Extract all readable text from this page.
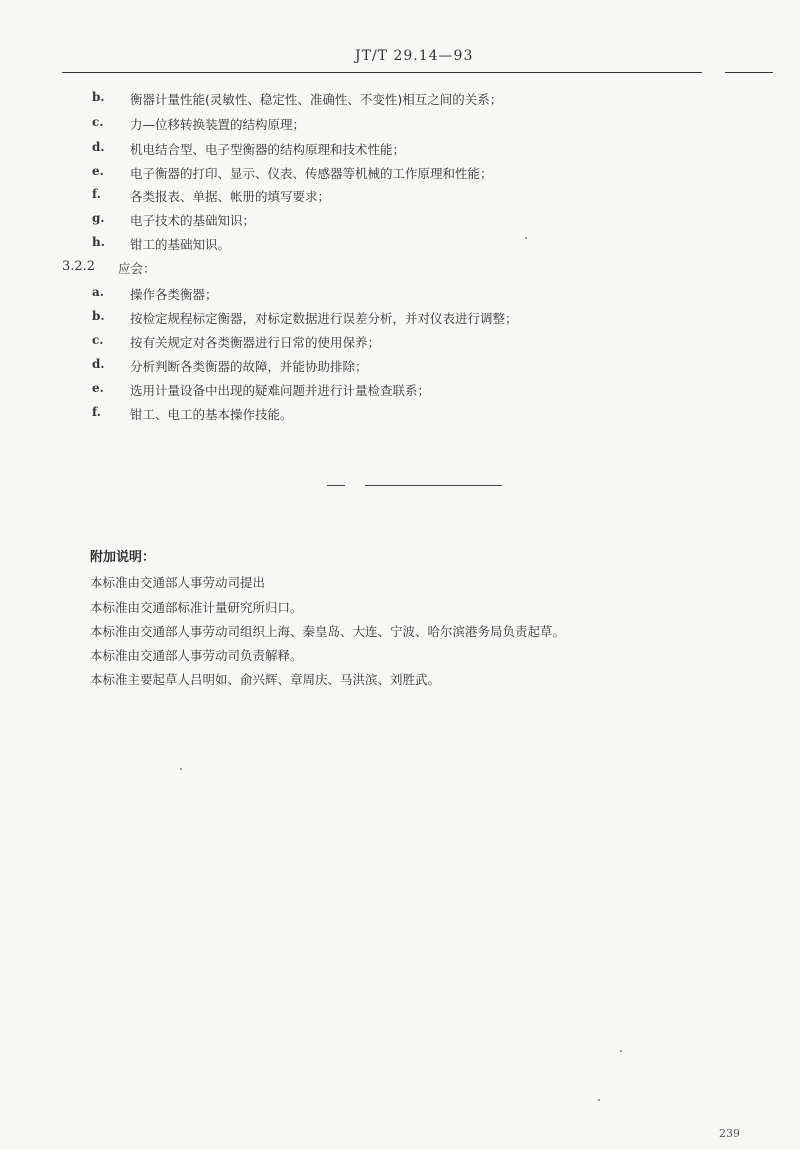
JT/T 29.14—93
b. 衡器计量性能(灵敏性、稳定性、准确性、不变性)相互之间的关系；
c. 力—位移转换装置的结构原理；
d. 机电结合型、电子型衡器的结构原理和技术性能；
e. 电子衡器的打印、显示、仪表、传感器等机械的工作原理和性能；
f. 各类报表、单据、帐册的填写要求；
g. 电子技术的基础知识；
h. 钳工的基础知识。
3.2.2 应会：
a. 操作各类衡器；
b. 按检定规程标定衡器，对标定数据进行误差分析，并对仪表进行调整；
c. 按有关规定对各类衡器进行日常的使用保养；
d. 分析判断各类衡器的故障，并能协助排除；
e. 选用计量设备中出现的疑难问题并进行计量检查联系；
f. 钳工、电工的基本操作技能。
附加说明：
本标准由交通部人事劳动司提出
本标准由交通部标准计量研究所归口。
本标准由交通部人事劳动司组织上海、秦皇岛、大连、宁波、哈尔滨港务局负责起草。
本标准由交通部人事劳动司负责解释。
本标准主要起草人吕明如、俞兴辉、章周庆、马洪滨、刘胜武。
239
